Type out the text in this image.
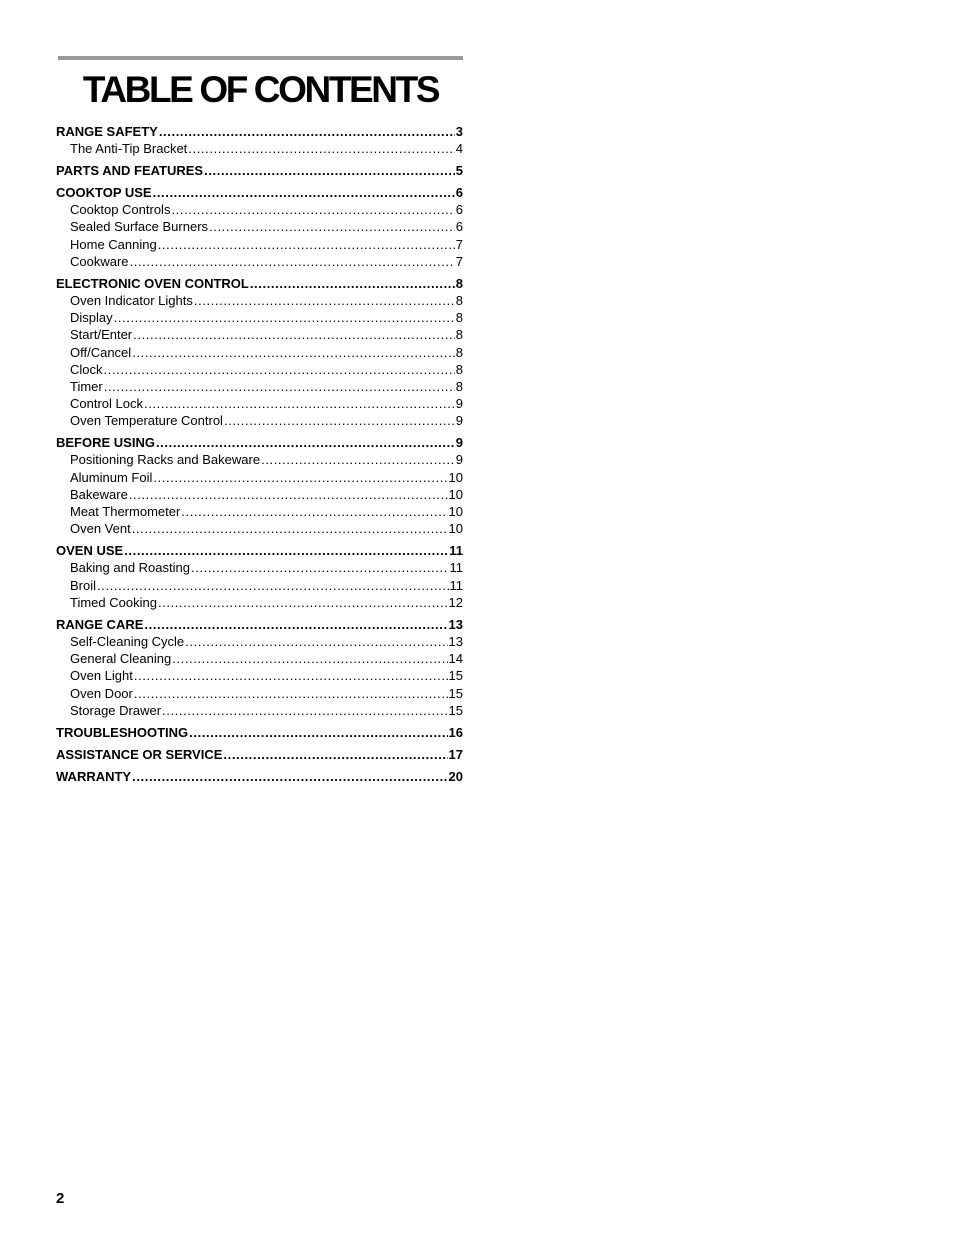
TABLE OF CONTENTS
RANGE SAFETY .....	3
The Anti-Tip Bracket .....	4
PARTS AND FEATURES .....	5
COOKTOP USE .....	6
Cooktop Controls .....	6
Sealed Surface Burners .....	6
Home Canning .....	7
Cookware .....	7
ELECTRONIC OVEN CONTROL .....	8
Oven Indicator Lights .....	8
Display .....	8
Start/Enter .....	8
Off/Cancel .....	8
Clock .....	8
Timer .....	8
Control Lock .....	9
Oven Temperature Control .....	9
BEFORE USING .....	9
Positioning Racks and Bakeware .....	9
Aluminum Foil .....	10
Bakeware .....	10
Meat Thermometer .....	10
Oven Vent .....	10
OVEN USE .....	11
Baking and Roasting .....	11
Broil .....	11
Timed Cooking .....	12
RANGE CARE .....	13
Self-Cleaning Cycle .....	13
General Cleaning .....	14
Oven Light .....	15
Oven Door .....	15
Storage Drawer .....	15
TROUBLESHOOTING .....	16
ASSISTANCE OR SERVICE .....	17
WARRANTY .....	20
2
